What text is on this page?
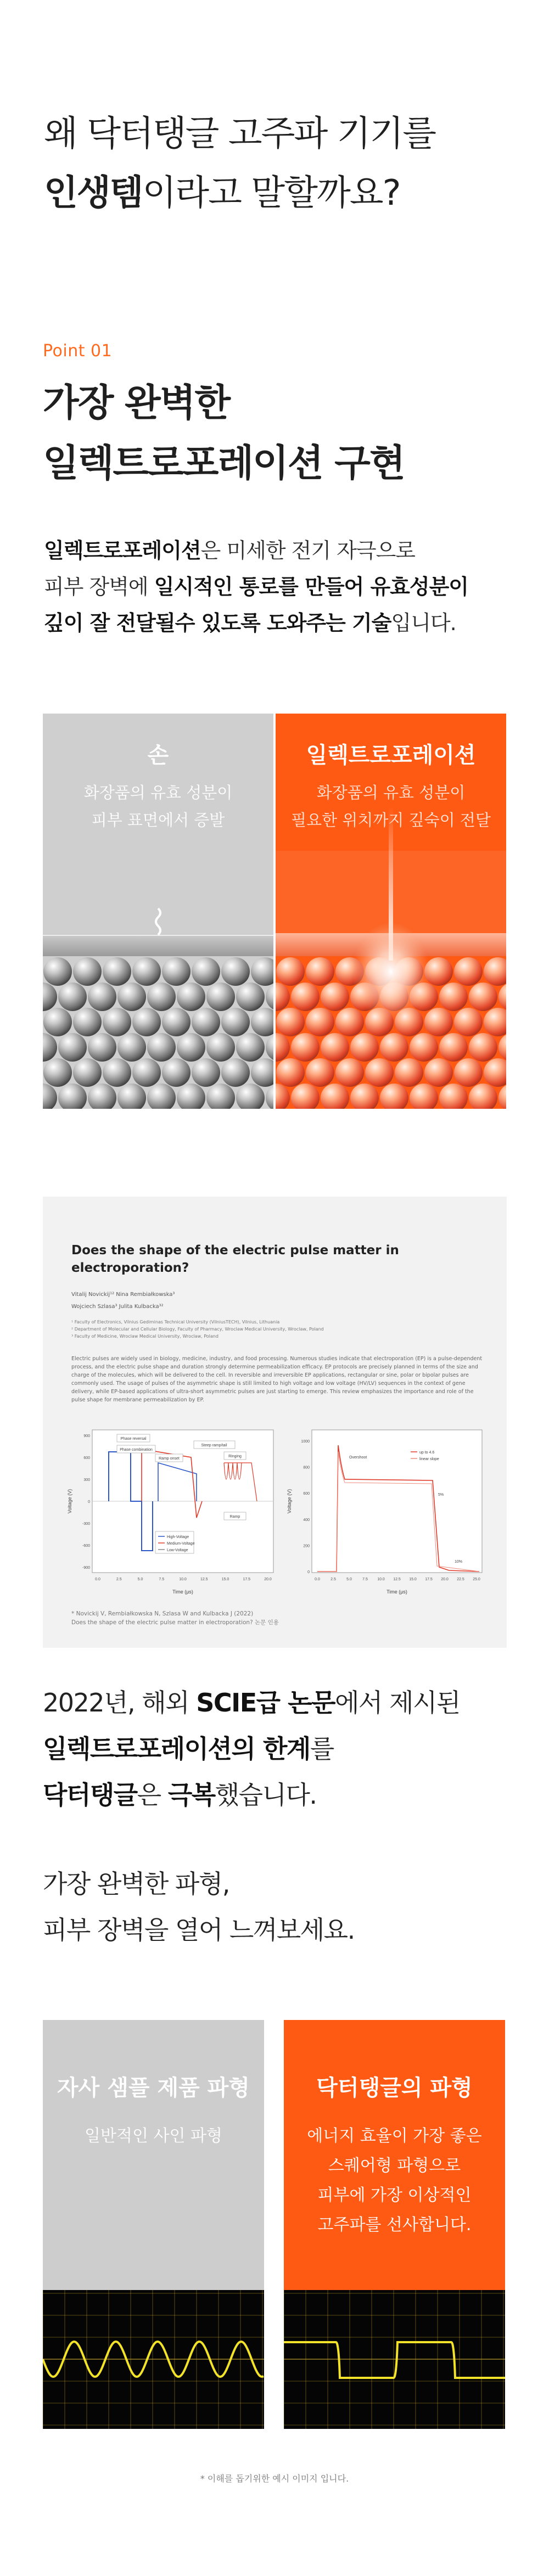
왜 닥터탱글 고주파 기기를
인생템이라고 말할까요?
Point 01
가장 완벽한
일렉트로포레이션 구현
일렉트로포레이션은 미세한 전기 자극으로
피부 장벽에 일시적인 통로를 만들어 유효성분이
깊이 잘 전달될수 있도록 도와주는 기술입니다.
손
화장품의 유효 성분이
피부 표면에서 증발
일렉트로포레이션
화장품의 유효 성분이
필요한 위치까지 깊숙이 전달
Does the shape of the electric pulse matter in electroporation?
Vitalij Novickij¹² Nina Rembiałkowska³
Wojciech Szlasa³ Julita Kulbacka³²
¹ Faculty of Electronics, Vilnius Gediminas Technical University (VilniusTECH), Vilnius, Lithuania
² Department of Molecular and Cellular Biology, Faculty of Pharmacy, Wroclaw Medical University, Wroclaw, Poland
³ Faculty of Medicine, Wroclaw Medical University, Wroclaw, Poland
Electric pulses are widely used in biology, medicine, industry, and food processing. Numerous studies indicate that electroporation (EP) is a pulse-dependent process, and the electric pulse shape and duration strongly determine permeabilization efficacy. EP protocols are precisely planned in terms of the size and charge of the molecules, which will be delivered to the cell. In reversible and irreversible EP applications, rectangular or sine, polar or bipolar pulses are commonly used. The usage of pulses of the asymmetric shape is still limited to high voltage and low voltage (HV/LV) sequences in the context of gene delivery, while EP-based applications of ultra-short asymmetric pulses are just starting to emerge. This review emphasizes the importance and role of the pulse shape for membrane permeabilization by EP.
Voltage (V)
Time (μs)
900
600
300
0
-300
-600
-900
0.0	2.5	5.0	7.5	10.0	12.5	15.0	17.5	20.0
Phase reversal
Phase combination
Ramp onset
Steep ramp/tail
Ringing
Ramp
High-Voltage
Medium-Voltage
Low-Voltage
Voltage (V)
Time (μs)
1000
800
600
400
200
0
0.0	2.5	5.0	7.5 10.0 12.5 15.0 17.5 20.0 22.5 25.0
Overshoot
up to 4.6
linear slope
5%
10%
* Novickij V, Rembiałkowska N, Szlasa W and Kulbacka J (2022)
Does the shape of the electric pulse matter in electroporation? 논문 인용
2022년, 해외 SCIE급 논문에서 제시된
일렉트로포레이션의 한계를
닥터탱글은 극복했습니다.
가장 완벽한 파형,
피부 장벽을 열어 느껴보세요.
자사 샘플 제품 파형
일반적인 사인 파형
닥터탱글의 파형
에너지 효율이 가장 좋은
스퀘어형 파형으로
피부에 가장 이상적인
고주파를 선사합니다.
* 이해를 돕기위한 예시 이미지 입니다.
